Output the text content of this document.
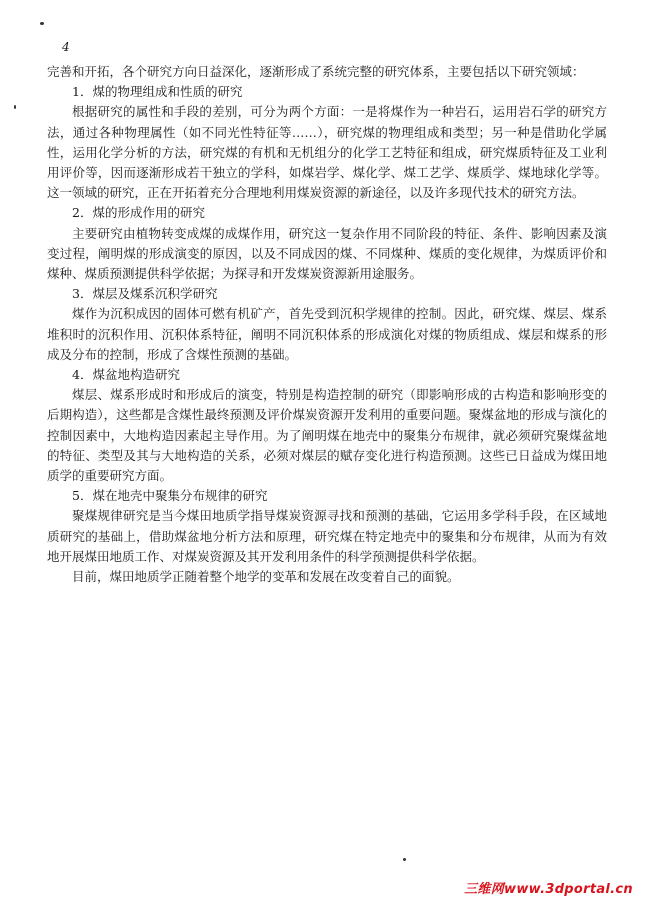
4

完善和开拓，各个研究方向日益深化，逐渐形成了系统完整的研究体系，主要包括以下研究领域：

1．煤的物理组成和性质的研究

根据研究的属性和手段的差别，可分为两个方面：一是将煤作为一种岩石，运用岩石学的研究方法，通过各种物理属性（如不同光性特征等……），研究煤的物理组成和类型；另一种是借助化学属性，运用化学分析的方法，研究煤的有机和无机组分的化学工艺特征和组成，研究煤质特征及工业利用评价等，因而逐渐形成若干独立的学科，如煤岩学、煤化学、煤工艺学、煤质学、煤地球化学等。这一领域的研究，正在开拓着充分合理地利用煤炭资源的新途径，以及许多现代技术的研究方法。

2．煤的形成作用的研究

主要研究由植物转变成煤的成煤作用，研究这一复杂作用不同阶段的特征、条件、影响因素及演变过程，阐明煤的形成演变的原因，以及不同成因的煤、不同煤种、煤质的变化规律，为煤质评价和煤种、煤质预测提供科学依据；为探寻和开发煤炭资源新用途服务。

3．煤层及煤系沉积学研究

煤作为沉积成因的固体可燃有机矿产，首先受到沉积学规律的控制。因此，研究煤、煤层、煤系堆积时的沉积作用、沉积体系特征，阐明不同沉积体系的形成演化对煤的物质组成、煤层和煤系的形成及分布的控制，形成了含煤性预测的基础。

4．煤盆地构造研究

煤层、煤系形成时和形成后的演变，特别是构造控制的研究（即影响形成的古构造和影响形变的后期构造），这些都是含煤性最终预测及评价煤炭资源开发利用的重要问题。聚煤盆地的形成与演化的控制因素中，大地构造因素起主导作用。为了阐明煤在地壳中的聚集分布规律，就必须研究聚煤盆地的特征、类型及其与大地构造的关系，必须对煤层的赋存变化进行构造预测。这些已日益成为煤田地质学的重要研究方面。

5．煤在地壳中聚集分布规律的研究

聚煤规律研究是当今煤田地质学指导煤炭资源寻找和预测的基础，它运用多学科手段，在区域地质研究的基础上，借助煤盆地分析方法和原理，研究煤在特定地壳中的聚集和分布规律，从而为有效地开展煤田地质工作、对煤炭资源及其开发利用条件的科学预测提供科学依据。

目前，煤田地质学正随着整个地学的变革和发展在改变着自己的面貌。

三维网www.3dportal.cn
